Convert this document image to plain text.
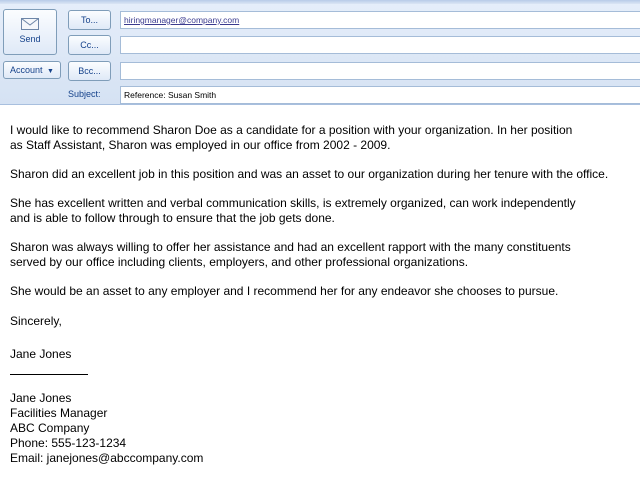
Send
Account ▼
To...	hiringmanager@company.com
Cc...
Bcc...
Subject:	Reference: Susan Smith

I would like to recommend Sharon Doe as a candidate for a position with your organization. In her position
as Staff Assistant, Sharon was employed in our office from 2002 - 2009.

Sharon did an excellent job in this position and was an asset to our organization during her tenure with the office.

She has excellent written and verbal communication skills, is extremely organized, can work independently
and is able to follow through to ensure that the job gets done.

Sharon was always willing to offer her assistance and had an excellent rapport with the many constituents
served by our office including clients, employers, and other professional organizations.

She would be an asset to any employer and I recommend her for any endeavor she chooses to pursue.

Sincerely,

Jane Jones

Jane Jones

Facilities Manager

ABC Company

Phone: 555-123-1234

Email: janejones@abccompany.com
